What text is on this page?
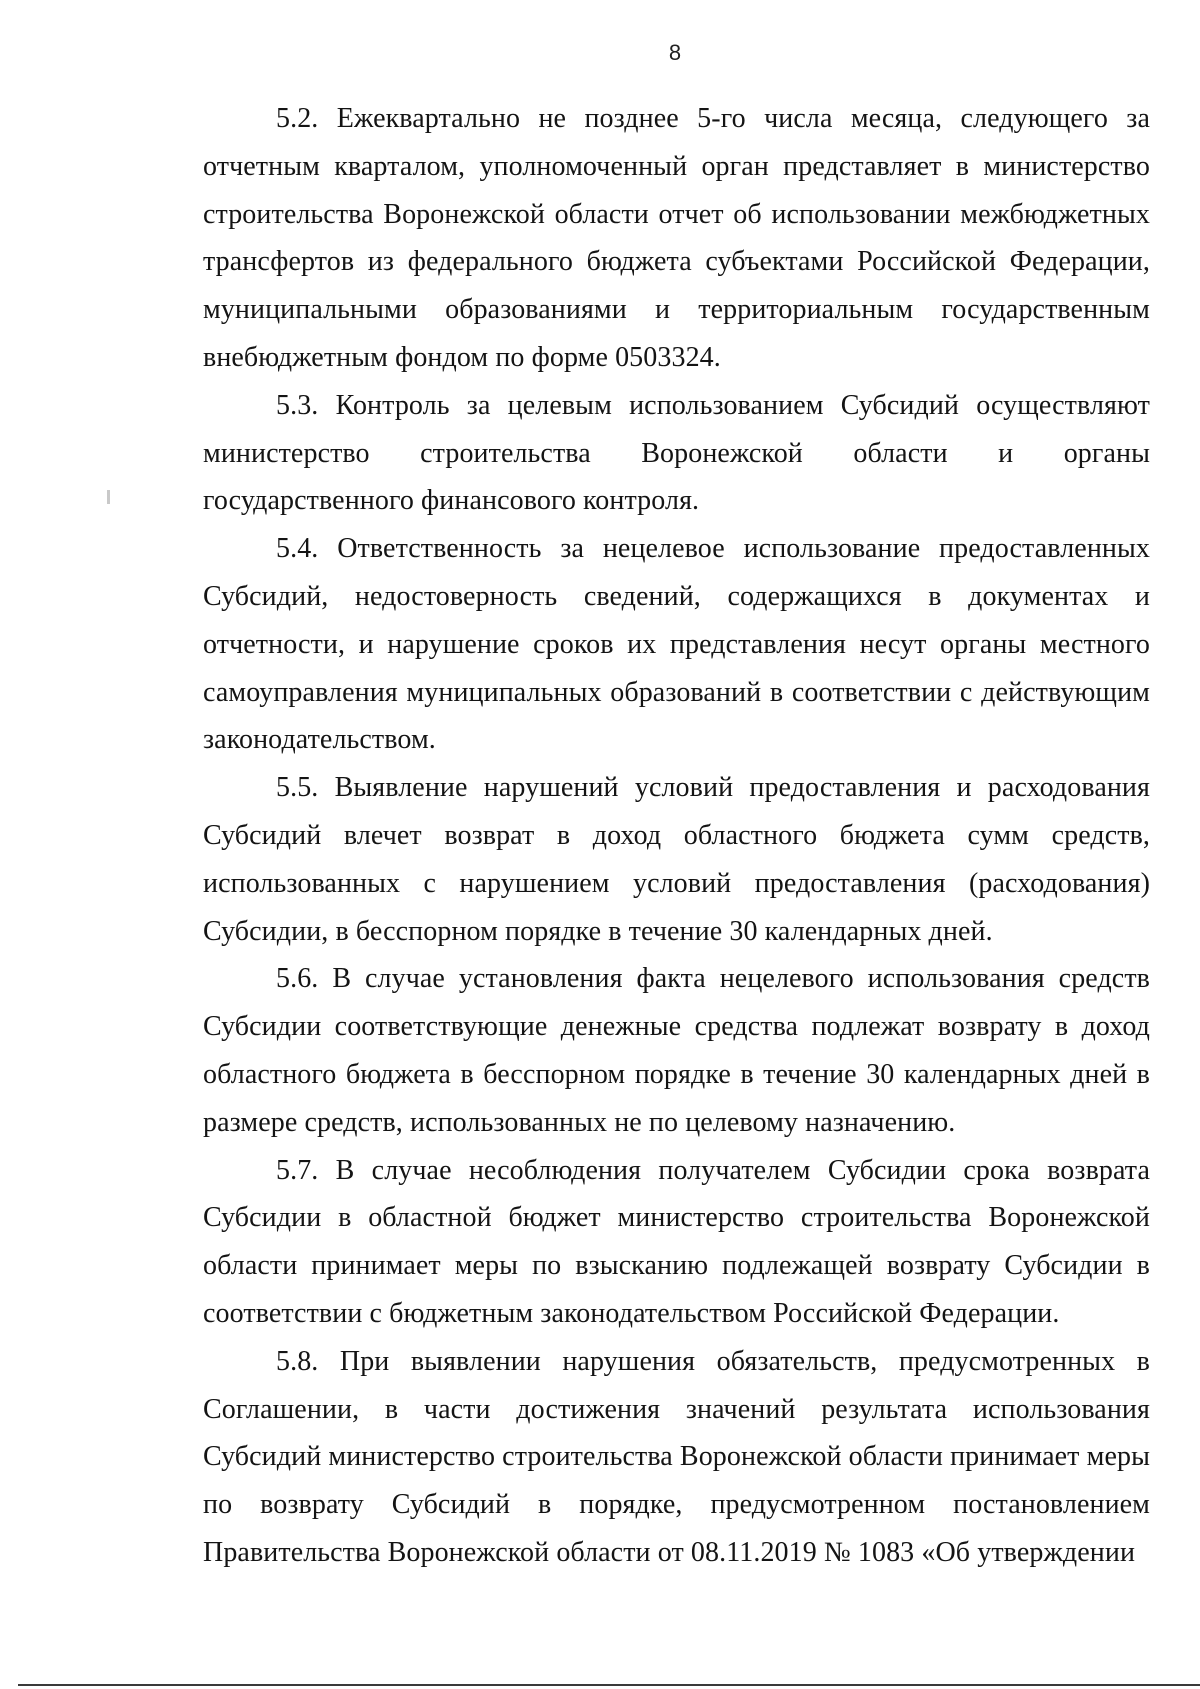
8

5.2. Ежеквартально не позднее 5-го числа месяца, следующего за отчетным кварталом, уполномоченный орган представляет в министерство строительства Воронежской области отчет об использовании межбюджетных трансфертов из федерального бюджета субъектами Российской Федерации, муниципальными образованиями и территориальным государственным внебюджетным фондом по форме 0503324.

5.3. Контроль за целевым использованием Субсидий осуществляют министерство строительства Воронежской области и органы государственного финансового контроля.

5.4. Ответственность за нецелевое использование предоставленных Субсидий, недостоверность сведений, содержащихся в документах и отчетности, и нарушение сроков их представления несут органы местного самоуправления муниципальных образований в соответствии с действующим законодательством.

5.5. Выявление нарушений условий предоставления и расходования Субсидий влечет возврат в доход областного бюджета сумм средств, использованных с нарушением условий предоставления (расходования) Субсидии, в бесспорном порядке в течение 30 календарных дней.

5.6. В случае установления факта нецелевого использования средств Субсидии соответствующие денежные средства подлежат возврату в доход областного бюджета в бесспорном порядке в течение 30 календарных дней в размере средств, использованных не по целевому назначению.

5.7. В случае несоблюдения получателем Субсидии срока возврата Субсидии в областной бюджет министерство строительства Воронежской области принимает меры по взысканию подлежащей возврату Субсидии в соответствии с бюджетным законодательством Российской Федерации.

5.8. При выявлении нарушения обязательств, предусмотренных в Соглашении, в части достижения значений результата использования Субсидий министерство строительства Воронежской области принимает меры по возврату Субсидий в порядке, предусмотренном постановлением Правительства Воронежской области от 08.11.2019 № 1083 «Об утверждении
